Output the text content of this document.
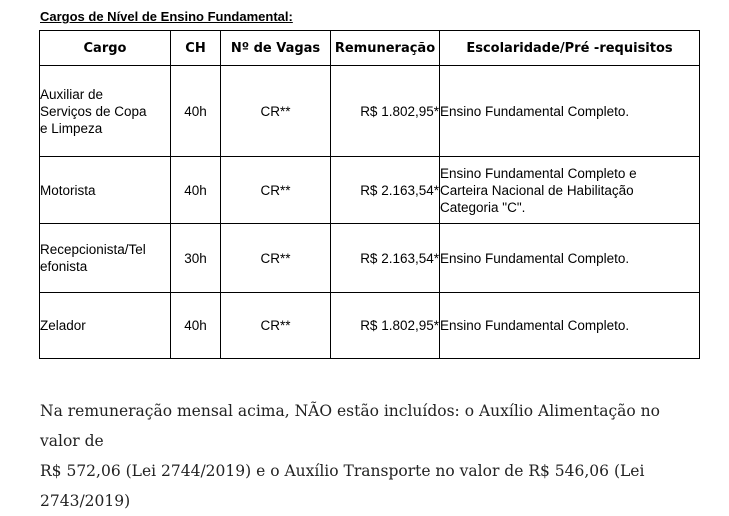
Cargos de Nível de Ensino Fundamental:
Cargo	CH	Nº de Vagas	Remuneração	Escolaridade/Pré -requisitos
Auxiliar de
Serviços de Copa
e Limpeza	40h	CR**	R$ 1.802,95*	Ensino Fundamental Completo.
Motorista	40h	CR**	R$ 2.163,54*	Ensino Fundamental Completo e
Carteira Nacional de Habilitação
Categoria "C".
Recepcionista/Tel
efonista	30h	CR**	R$ 2.163,54*	Ensino Fundamental Completo.
Zelador	40h	CR**	R$ 1.802,95*	Ensino Fundamental Completo.
Na remuneração mensal acima, NÃO estão incluídos: o Auxílio Alimentação no valor de
R$ 572,06 (Lei 2744/2019) e o Auxílio Transporte no valor de R$ 546,06 (Lei
2743/2019)
